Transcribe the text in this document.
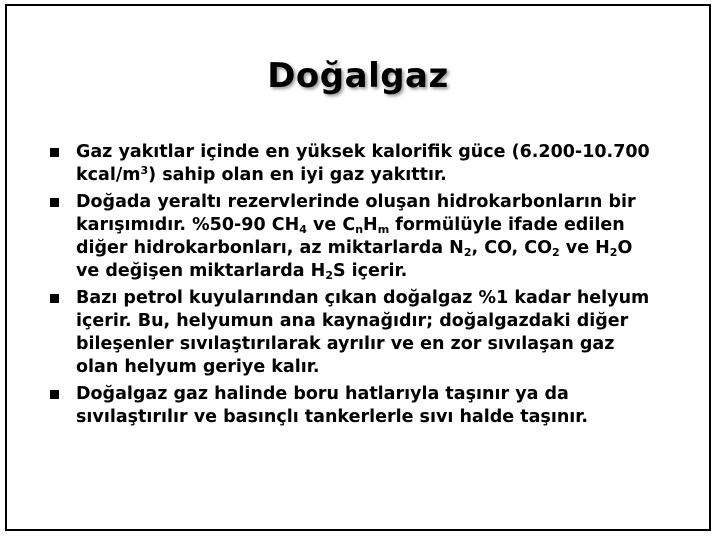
Doğalgaz
Gaz yakıtlar içinde en yüksek kalorifik güce (6.200-10.700 kcal/$m^3$) sahip olan en iyi gaz yakıttır.
Doğada yeraltı rezervlerinde oluşan hidrokarbonların bir karışımıdır. %50-90 $CH_4$ ve $C_nH_m$ formülüyle ifade edilen diğer hidrokarbonları, az miktarlarda $N_2$, CO, $CO_2$ ve $H_2O$ ve değişen miktarlarda $H_2S$ içerir.
Bazı petrol kuyularından çıkan doğalgaz %1 kadar helyum içerir. Bu, helyumun ana kaynağıdır; doğalgazdaki diğer bileşenler sıvılaştırılarak ayrılır ve en zor sıvılaşan gaz olan helyum geriye kalır.
Doğalgaz gaz halinde boru hatlarıyla taşınır ya da sıvılaştırılır ve basınçlı tankerlerle sıvı halde taşınır.
